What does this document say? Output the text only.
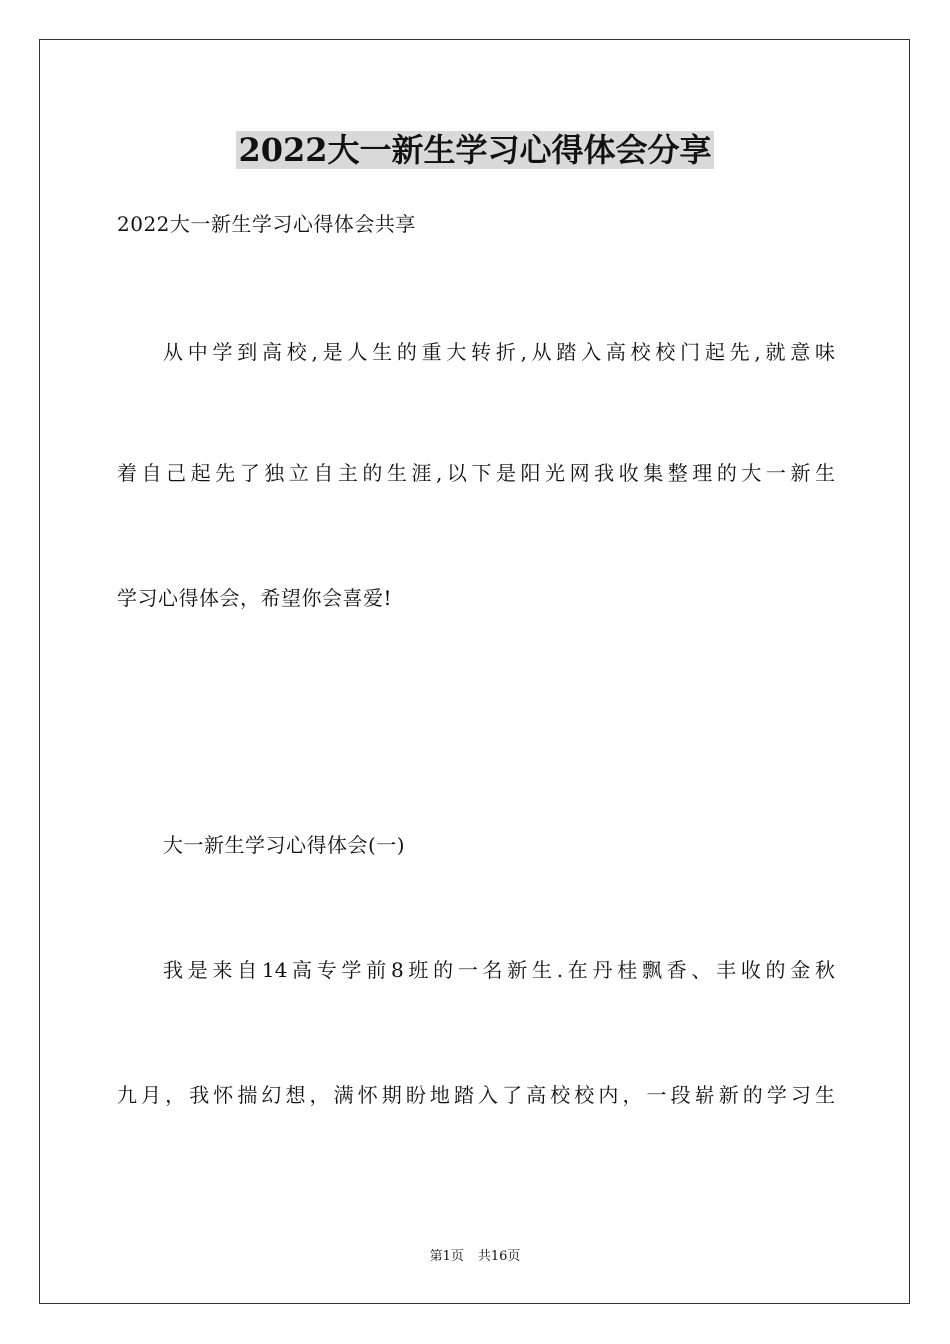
2022大一新生学习心得体会分享

2022大一新生学习心得体会共享

从中学到高校,是人生的重大转折,从踏入高校校门起先,就意味

着自己起先了独立自主的生涯,以下是阳光网我收集整理的大一新生

学习心得体会，希望你会喜爱!

大一新生学习心得体会(一)

我是来自14高专学前8班的一名新生.在丹桂飘香、丰收的金秋

九月，我怀揣幻想，满怀期盼地踏入了高校校内，一段崭新的学习生

第1页 共16页
